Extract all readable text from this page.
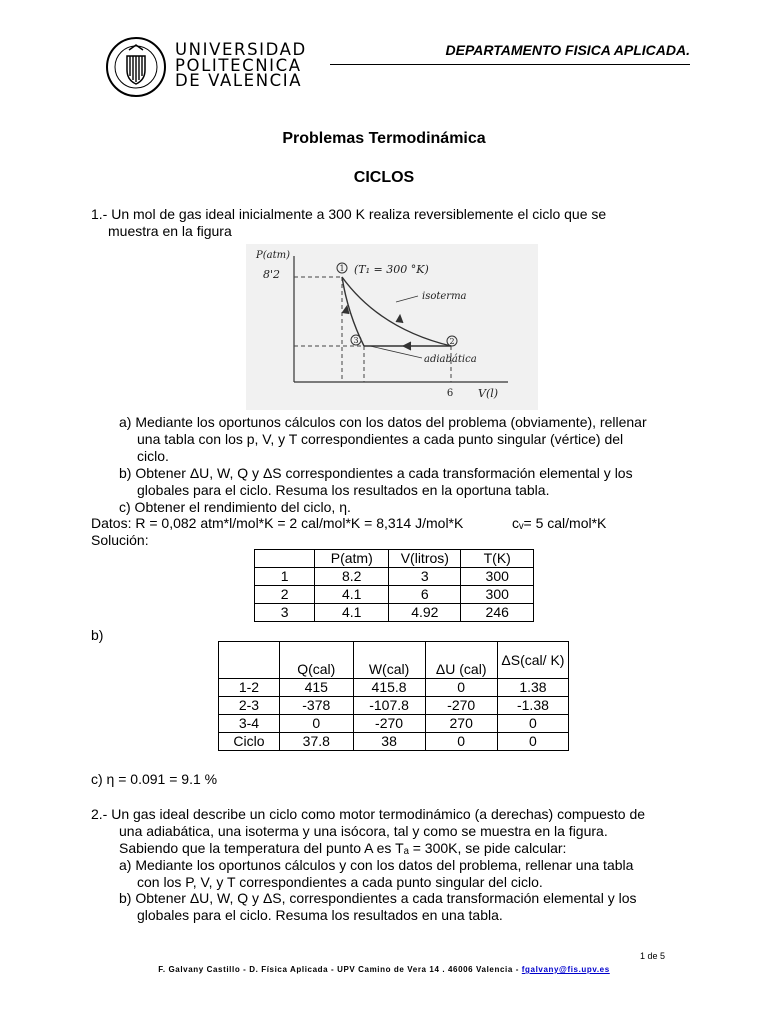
UNIVERSIDAD
POLITECNICA
DE VALENCIA
DEPARTAMENTO FISICA APLICADA.
Problemas Termodinámica
CICLOS
1.- Un mol de gas ideal inicialmente a 300 K realiza reversiblemente el ciclo que se
muestra en la figura
P(atm)
8'2
V(l)
6
1 (T₁ = 300 °K)
3	2
isoterma
adiabática
a) Mediante los oportunos cálculos con los datos del problema (obviamente), rellenar
una tabla con los p, V, y T correspondientes a cada punto singular (vértice) del
ciclo.
b) Obtener ΔU, W, Q y ΔS correspondientes a cada transformación elemental y los
globales para el ciclo. Resuma los resultados en la oportuna tabla.
c) Obtener el rendimiento del ciclo, η.
Datos: R = 0,082 atm*l/mol*K = 2 cal/mol*K = 8,314 J/mol*K	cᵥ= 5 cal/mol*K
Solución:
	P(atm)	V(litros)	T(K)
1	8.2	3	300
2	4.1	6	300
3	4.1	4.92	246
b)
	Q(cal)	W(cal)	ΔU (cal)	ΔS(cal/ K)
1-2	415	415.8	0	1.38
2-3	-378	-107.8	-270	-1.38
3-4	0	-270	270	0
Ciclo	37.8	38	0	0
c) η = 0.091 = 9.1 %
2.- Un gas ideal describe un ciclo como motor termodinámico (a derechas) compuesto de
una adiabática, una isoterma y una isócora, tal y como se muestra en la figura.
Sabiendo que la temperatura del punto A es Tₐ = 300K, se pide calcular:
a) Mediante los oportunos cálculos y con los datos del problema, rellenar una tabla
con los P, V, y T correspondientes a cada punto singular del ciclo.
b) Obtener ΔU, W, Q y ΔS, correspondientes a cada transformación elemental y los
globales para el ciclo. Resuma los resultados en una tabla.
1 de 5
F. Galvany Castillo - D. Física Aplicada - UPV Camino de Vera 14 . 46006 Valencia - fgalvany@fis.upv.es
